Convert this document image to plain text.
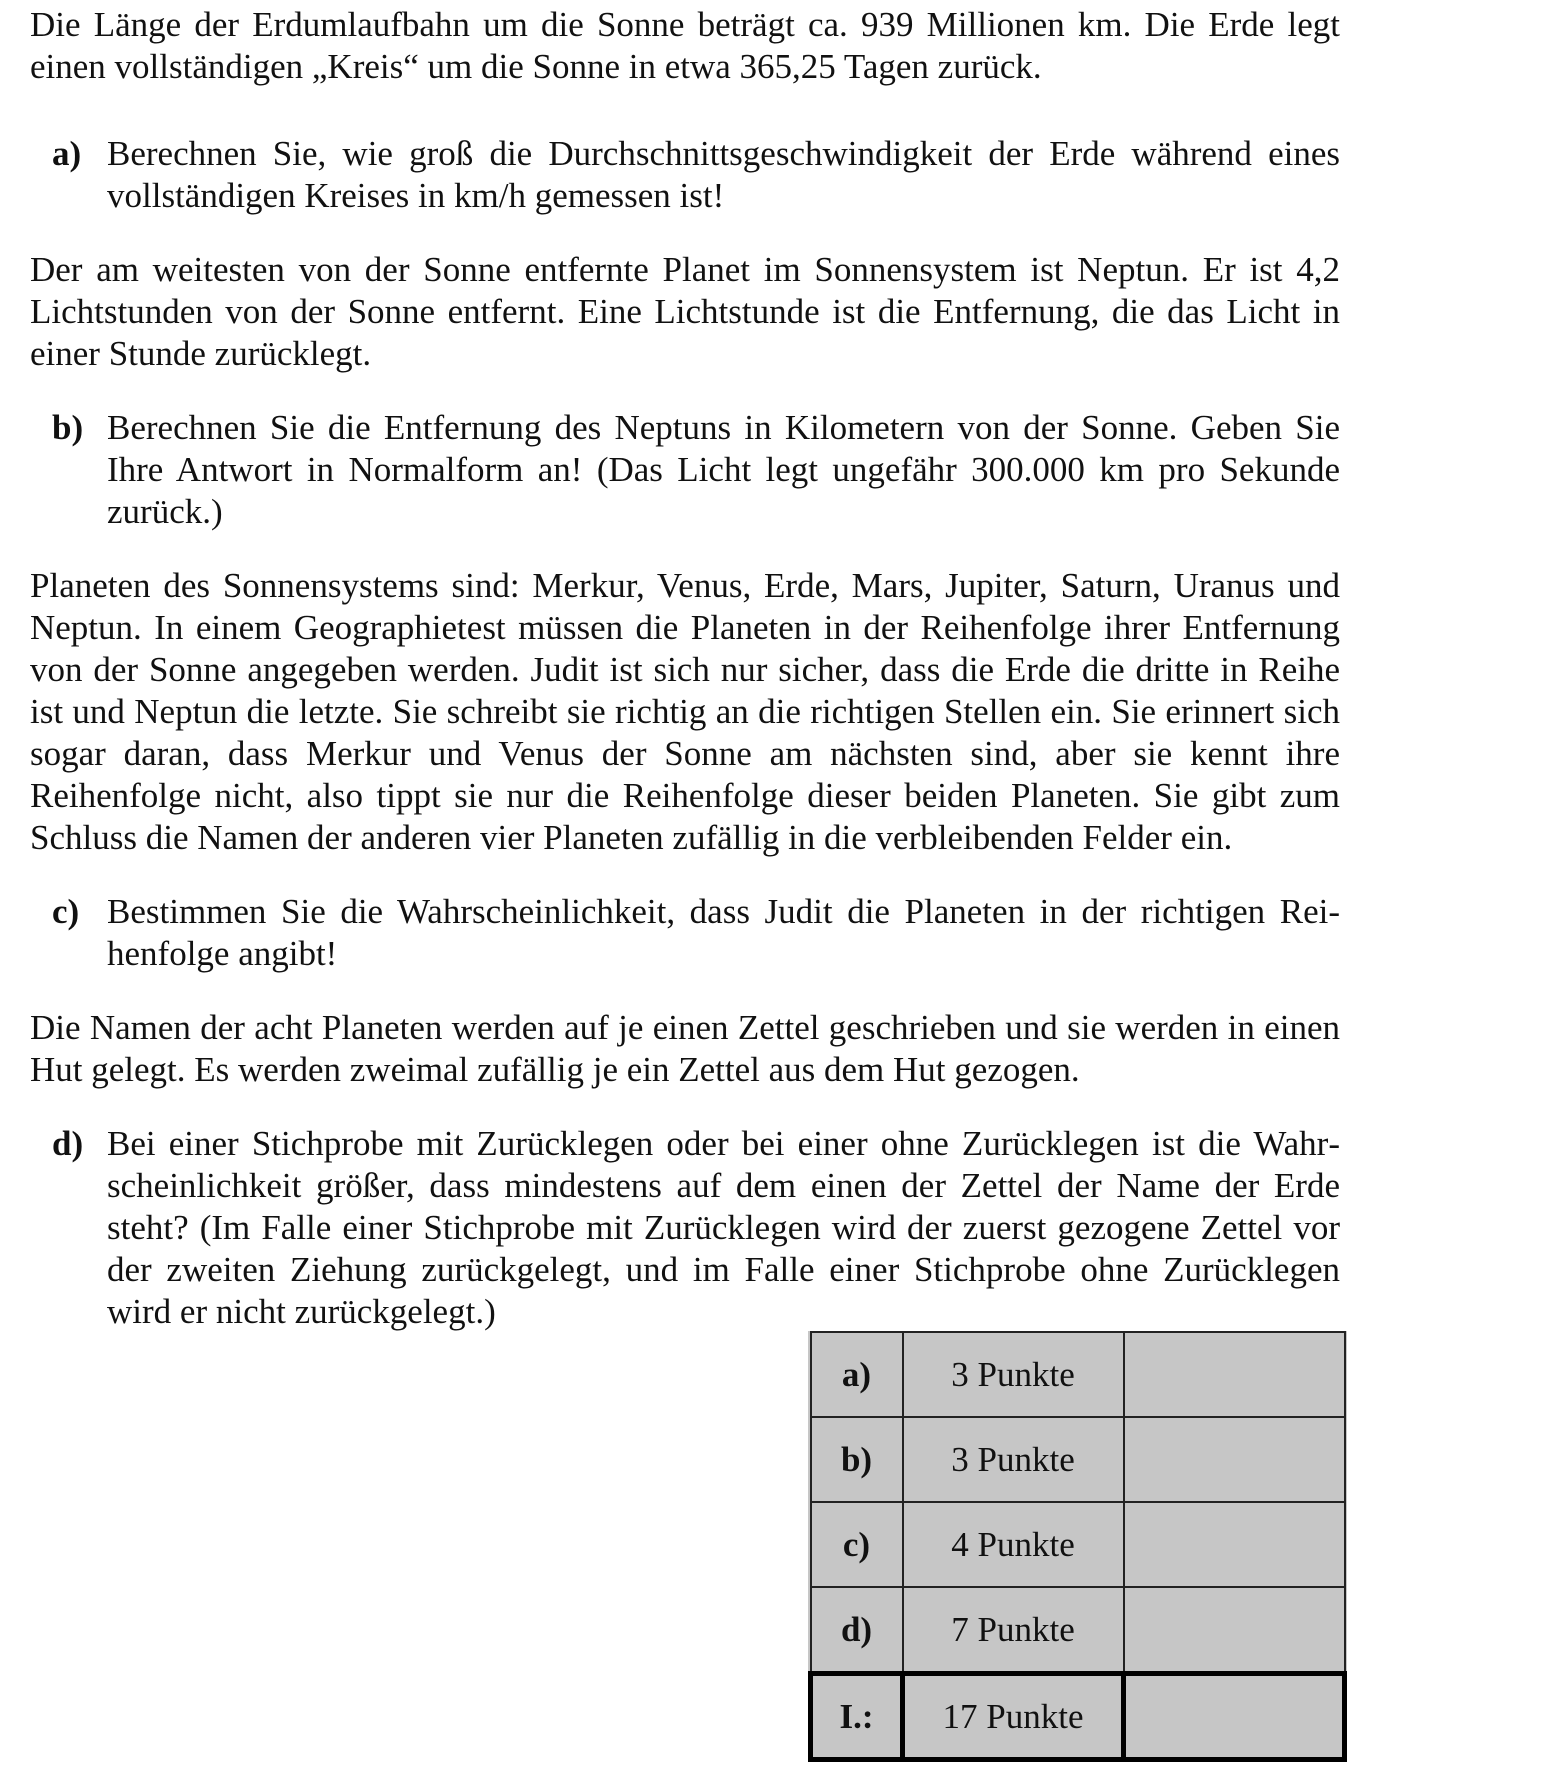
Die Länge der Erdumlaufbahn um die Sonne beträgt ca. 939 Millionen km. Die Erde legt einen vollständigen „Kreis“ um die Sonne in etwa 365,25 Tagen zurück.

a) Berechnen Sie, wie groß die Durchschnittsgeschwindigkeit der Erde während eines vollständigen Kreises in km/h gemessen ist!

Der am weitesten von der Sonne entfernte Planet im Sonnensystem ist Neptun. Er ist 4,2 Lichtstunden von der Sonne entfernt. Eine Lichtstunde ist die Entfernung, die das Licht in einer Stunde zurücklegt.

b) Berechnen Sie die Entfernung des Neptuns in Kilometern von der Sonne. Geben Sie Ihre Antwort in Normalform an! (Das Licht legt ungefähr 300.000 km pro Sekunde zurück.)

Planeten des Sonnensystems sind: Merkur, Venus, Erde, Mars, Jupiter, Saturn, Uranus und Neptun. In einem Geographietest müssen die Planeten in der Reihenfolge ihrer Entfernung von der Sonne angegeben werden. Judit ist sich nur sicher, dass die Erde die dritte in Reihe ist und Neptun die letzte. Sie schreibt sie richtig an die richtigen Stellen ein. Sie erinnert sich sogar daran, dass Merkur und Venus der Sonne am nächsten sind, aber sie kennt ihre Reihenfolge nicht, also tippt sie nur die Reihenfolge dieser beiden Planeten. Sie gibt zum Schluss die Namen der anderen vier Planeten zufällig in die verbleibenden Felder ein.

c) Bestimmen Sie die Wahrscheinlichkeit, dass Judit die Planeten in der richtigen Reihenfolge angibt!

Die Namen der acht Planeten werden auf je einen Zettel geschrieben und sie werden in einen Hut gelegt. Es werden zweimal zufällig je ein Zettel aus dem Hut gezogen.

d) Bei einer Stichprobe mit Zurücklegen oder bei einer ohne Zurücklegen ist die Wahrscheinlichkeit größer, dass mindestens auf dem einen der Zettel der Name der Erde steht? (Im Falle einer Stichprobe mit Zurücklegen wird der zuerst gezogene Zettel vor der zweiten Ziehung zurückgelegt, und im Falle einer Stichprobe ohne Zurücklegen wird er nicht zurückgelegt.)
a)	3 Punkte	
b)	3 Punkte	
c)	4 Punkte	
d)	7 Punkte	
I.:	17 Punkte	
